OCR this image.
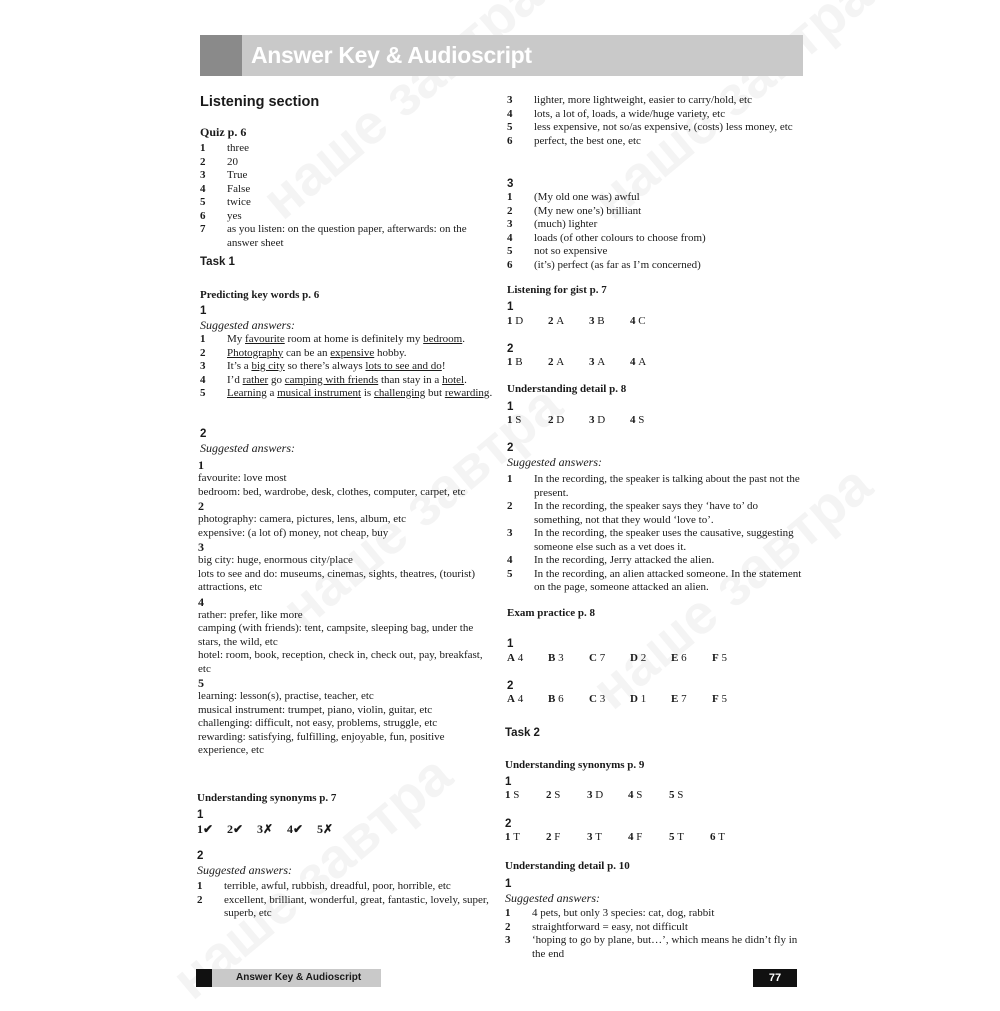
Answer Key & Audioscript
Listening section
Quiz p. 6
1	three
2	20
3	True
4	False
5	twice
6	yes
7	as you listen: on the question paper, afterwards: on the answer sheet
Task 1
Predicting key words p. 6
1
Suggested answers:
1	My favourite room at home is definitely my bedroom.
2	Photography can be an expensive hobby.
3	It’s a big city so there’s always lots to see and do!
4	I’d rather go camping with friends than stay in a hotel.
5	Learning a musical instrument is challenging but rewarding.
2
Suggested answers:
1
favourite: love most
bedroom: bed, wardrobe, desk, clothes, computer, carpet, etc
2
photography: camera, pictures, lens, album, etc
expensive: (a lot of) money, not cheap, buy
3
big city: huge, enormous city/place
lots to see and do: museums, cinemas, sights, theatres, (tourist) attractions, etc
4
rather: prefer, like more
camping (with friends): tent, campsite, sleeping bag, under the stars, the wild, etc
hotel: room, book, reception, check in, check out, pay, breakfast, etc
5
learning: lesson(s), practise, teacher, etc
musical instrument: trumpet, piano, violin, guitar, etc
challenging: difficult, not easy, problems, struggle, etc
rewarding: satisfying, fulfilling, enjoyable, fun, positive experience, etc
Understanding synonyms p. 7
1
1✔	2✔	3✗	4✔	5✗
2
Suggested answers:
1	terrible, awful, rubbish, dreadful, poor, horrible, etc
2	excellent, brilliant, wonderful, great, fantastic, lovely, super, superb, etc
3	lighter, more lightweight, easier to carry/hold, etc
4	lots, a lot of, loads, a wide/huge variety, etc
5	less expensive, not so/as expensive, (costs) less money, etc
6	perfect, the best one, etc
3
1	(My old one was) awful
2	(My new one’s) brilliant
3	(much) lighter
4	loads (of other colours to choose from)
5	not so expensive
6	(it’s) perfect (as far as I’m concerned)
Listening for gist p. 7
1
1 D	2 A	3 B	4 C
2
1 B	2 A	3 A	4 A
Understanding detail p. 8
1
1 S	2 D	3 D	4 S
2
Suggested answers:
1	In the recording, the speaker is talking about the past not the present.
2	In the recording, the speaker says they ‘have to’ do something, not that they would ‘love to’.
3	In the recording, the speaker uses the causative, suggesting someone else such as a vet does it.
4	In the recording, Jerry attacked the alien.
5	In the recording, an alien attacked someone. In the statement on the page, someone attacked an alien.
Exam practice p. 8
1
A 4	B 3	C 7	D 2	E 6	F 5
2
A 4	B 6	C 3	D 1	E 7	F 5
Task 2
Understanding synonyms p. 9
1
1 S	2 S	3 D	4 S	5 S
2
1 T	2 F	3 T	4 F	5 T	6 T
Understanding detail p. 10
1
Suggested answers:
1	4 pets, but only 3 species: cat, dog, rabbit
2	straightforward = easy, not difficult
3	‘hoping to go by plane, but…’, which means he didn’t fly in the end
Answer Key & Audioscript	77
